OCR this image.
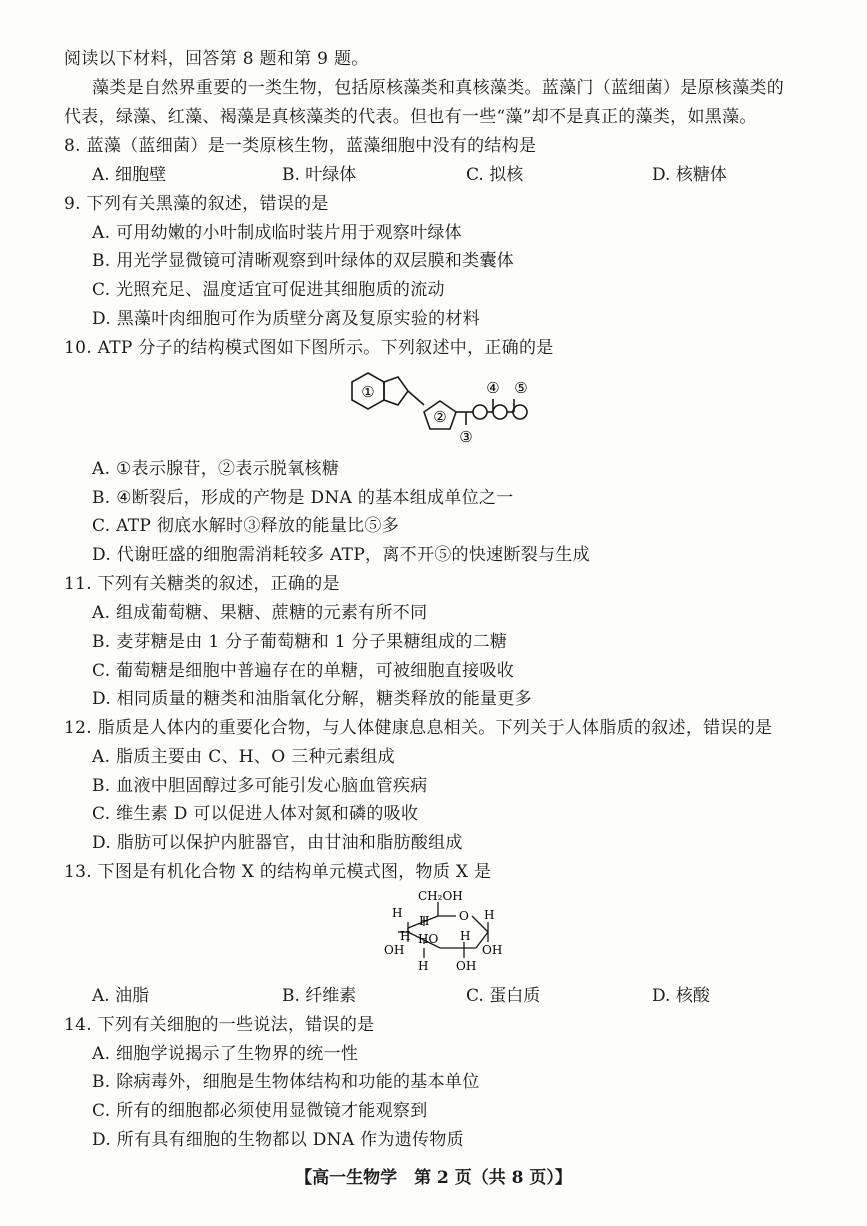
阅读以下材料，回答第 8 题和第 9 题。
藻类是自然界重要的一类生物，包括原核藻类和真核藻类。蓝藻门（蓝细菌）是原核藻类的
代表，绿藻、红藻、褐藻是真核藻类的代表。但也有一些“藻”却不是真正的藻类，如黑藻。
8. 蓝藻（蓝细菌）是一类原核生物，蓝藻细胞中没有的结构是
A. 细胞壁	B. 叶绿体	C. 拟核	D. 核糖体
9. 下列有关黑藻的叙述，错误的是
A. 可用幼嫩的小叶制成临时装片用于观察叶绿体
B. 用光学显微镜可清晰观察到叶绿体的双层膜和类囊体
C. 光照充足、温度适宜可促进其细胞质的流动
D. 黑藻叶肉细胞可作为质壁分离及复原实验的材料
10. ATP 分子的结构模式图如下图所示。下列叙述中，正确的是
①
②
③
④ ⑤
A. ①表示腺苷，②表示脱氧核糖
B. ④断裂后，形成的产物是 DNA 的基本组成单位之一
C. ATP 彻底水解时③释放的能量比⑤多
D. 代谢旺盛的细胞需消耗较多 ATP，离不开⑤的快速断裂与生成
11. 下列有关糖类的叙述，正确的是
A. 组成葡萄糖、果糖、蔗糖的元素有所不同
B. 麦芽糖是由 1 分子葡萄糖和 1 分子果糖组成的二糖
C. 葡萄糖是细胞中普遍存在的单糖，可被细胞直接吸收
D. 相同质量的糖类和油脂氧化分解，糖类释放的能量更多
12. 脂质是人体内的重要化合物，与人体健康息息相关。下列关于人体脂质的叙述，错误的是
A. 脂质主要由 C、H、O 三种元素组成
B. 血液中胆固醇过多可能引发心脑血管疾病
C. 维生素 D 可以促进人体对氮和磷的吸收
D. 脂肪可以保护内脏器官，由甘油和脂肪酸组成
13. 下图是有机化合物 X 的结构单元模式图，物质 X 是
CH₂OH
O
H
H	H
OH
HO
OH
H
H OH
H
A. 油脂	B. 纤维素	C. 蛋白质	D. 核酸
14. 下列有关细胞的一些说法，错误的是
A. 细胞学说揭示了生物界的统一性
B. 除病毒外，细胞是生物体结构和功能的基本单位
C. 所有的细胞都必须使用显微镜才能观察到
D. 所有具有细胞的生物都以 DNA 作为遗传物质
【高一生物学　第 2 页（共 8 页）】
